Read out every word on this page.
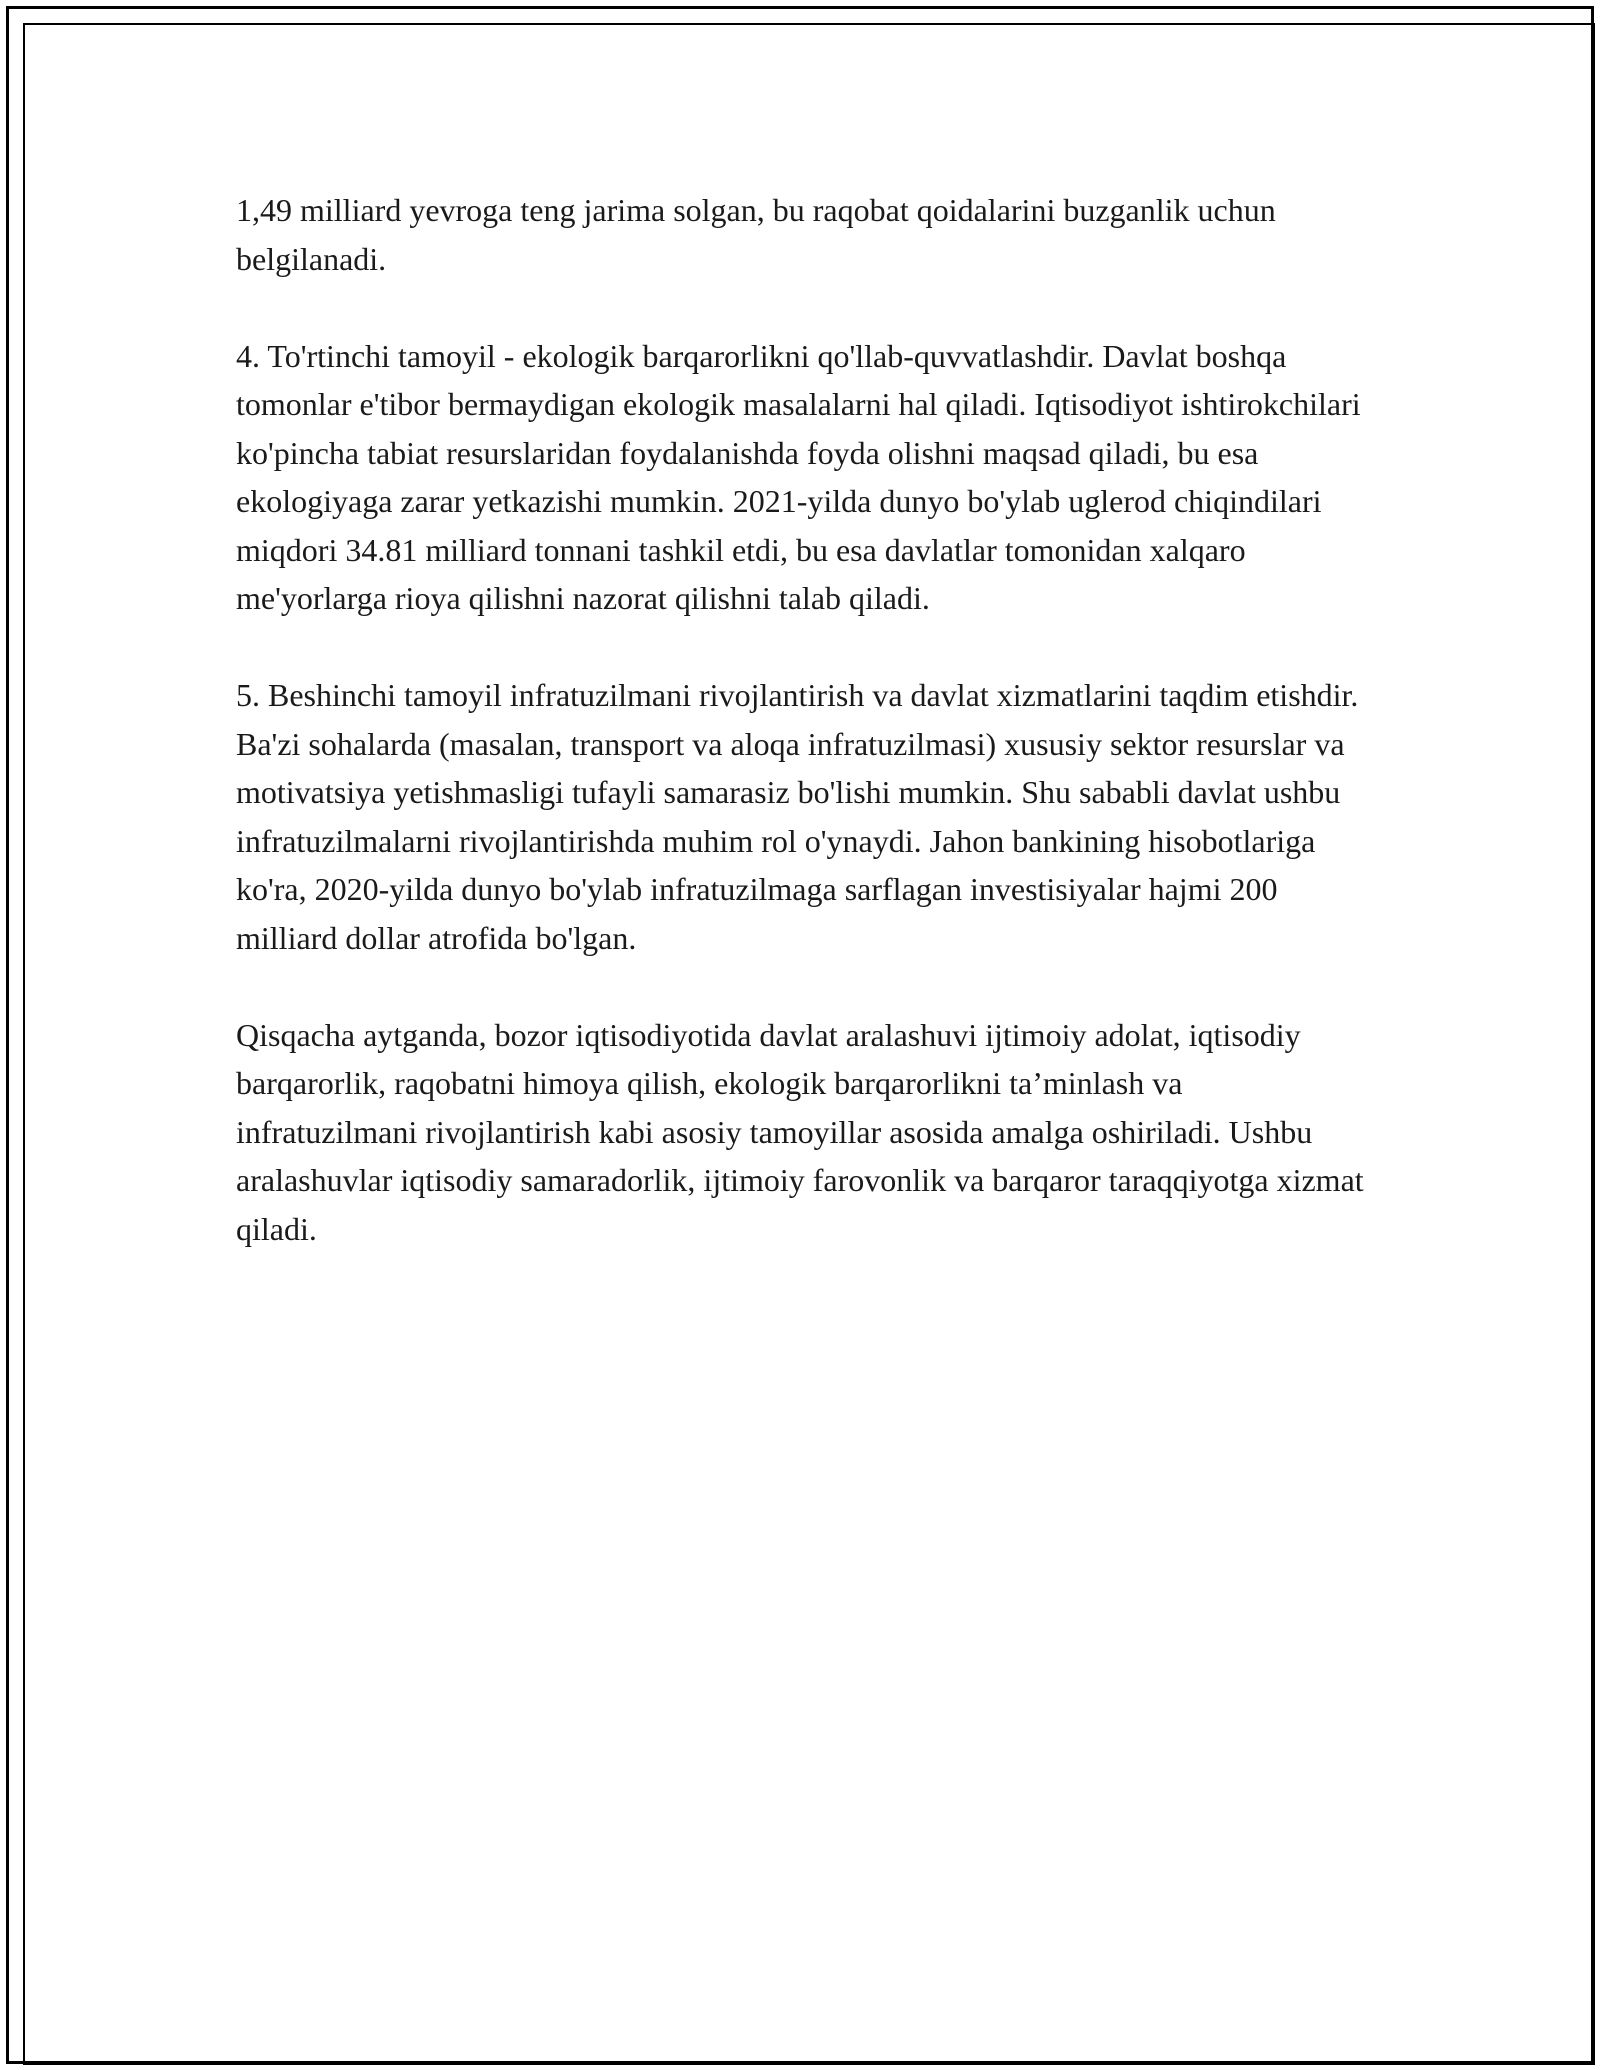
1,49 milliard yevroga teng jarima solgan, bu raqobat qoidalarini buzganlik uchun belgilanadi.

4. To'rtinchi tamoyil - ekologik barqarorlikni qo'llab-quvvatlashdir. Davlat boshqa tomonlar e'tibor bermaydigan ekologik masalalarni hal qiladi. Iqtisodiyot ishtirokchilari ko'pincha tabiat resurslaridan foydalanishda foyda olishni maqsad qiladi, bu esa ekologiyaga zarar yetkazishi mumkin. 2021-yilda dunyo bo'ylab uglerod chiqindilari miqdori 34.81 milliard tonnani tashkil etdi, bu esa davlatlar tomonidan xalqaro me'yorlarga rioya qilishni nazorat qilishni talab qiladi.

5. Beshinchi tamoyil infratuzilmani rivojlantirish va davlat xizmatlarini taqdim etishdir. Ba'zi sohalarda (masalan, transport va aloqa infratuzilmasi) xususiy sektor resurslar va motivatsiya yetishmasligi tufayli samarasiz bo'lishi mumkin. Shu sababli davlat ushbu infratuzilmalarni rivojlantirishda muhim rol o'ynaydi. Jahon bankining hisobotlariga ko'ra, 2020-yilda dunyo bo'ylab infratuzilmaga sarflagan investisiyalar hajmi 200 milliard dollar atrofida bo'lgan.

Qisqacha aytganda, bozor iqtisodiyotida davlat aralashuvi ijtimoiy adolat, iqtisodiy barqarorlik, raqobatni himoya qilish, ekologik barqarorlikni ta’minlash va infratuzilmani rivojlantirish kabi asosiy tamoyillar asosida amalga oshiriladi. Ushbu aralashuvlar iqtisodiy samaradorlik, ijtimoiy farovonlik va barqaror taraqqiyotga xizmat qiladi.
